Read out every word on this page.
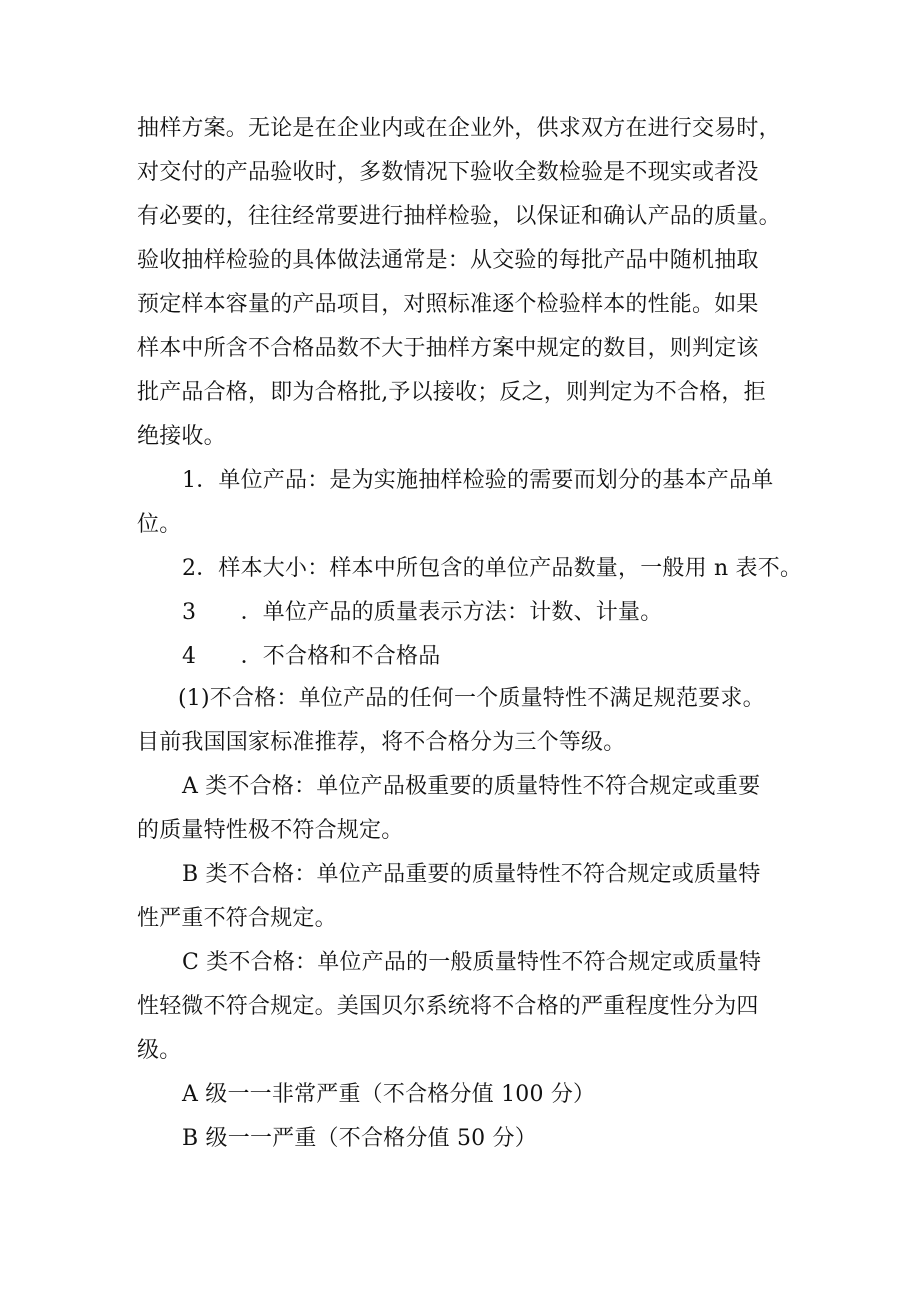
抽样方案。无论是在企业内或在企业外，供求双方在进行交易时，
对交付的产品验收时，多数情况下验收全数检验是不现实或者没
有必要的，往往经常要进行抽样检验，以保证和确认产品的质量。
验收抽样检验的具体做法通常是：从交验的每批产品中随机抽取
预定样本容量的产品项目，对照标准逐个检验样本的性能。如果
样本中所含不合格品数不大于抽样方案中规定的数目，则判定该
批产品合格，即为合格批,予以接收；反之，则判定为不合格，拒
绝接收。
1．单位产品：是为实施抽样检验的需要而划分的基本产品单
位。
2．样本大小：样本中所包含的单位产品数量，一般用 n 表不。
3　　．单位产品的质量表示方法：计数、计量。
4　　．不合格和不合格品
(1)不合格：单位产品的任何一个质量特性不满足规范要求。
目前我国国家标准推荐，将不合格分为三个等级。
A 类不合格：单位产品极重要的质量特性不符合规定或重要
的质量特性极不符合规定。
B 类不合格：单位产品重要的质量特性不符合规定或质量特
性严重不符合规定。
C 类不合格：单位产品的一般质量特性不符合规定或质量特
性轻微不符合规定。美国贝尔系统将不合格的严重程度性分为四
级。
A 级一一非常严重（不合格分值 100 分）
B 级一一严重（不合格分值 50 分）
